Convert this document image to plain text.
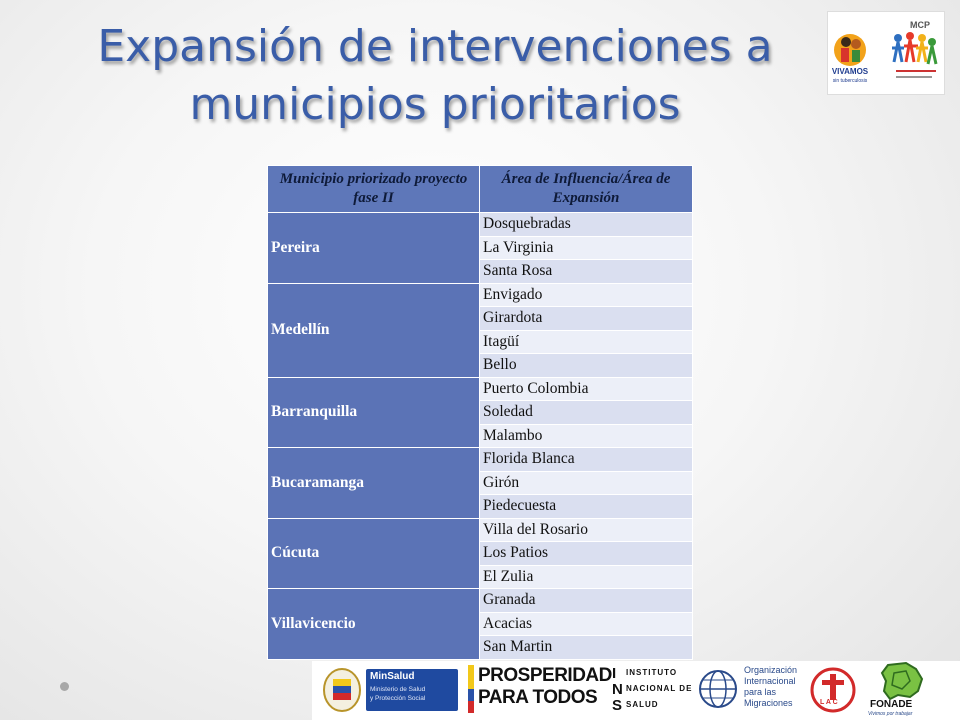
Expansión de intervenciones a
municipios prioritarios
VIVAMOS
sin tuberculosis
MCP
Municipio priorizado proyecto fase II	Área de Influencia/Área de Expansión
Pereira	Dosquebradas
	La Virginia
	Santa Rosa
Medellín	Envigado
	Girardota
	Itagüí
	Bello
Barranquilla	Puerto Colombia
	Soledad
	Malambo
Bucaramanga	Florida Blanca
	Girón
	Piedecuesta
Cúcuta	Villa del Rosario
	Los Patios
	El Zulia
Villavicencio	Granada
	Acacias
	San Martin
MinSalud
Ministerio de Salud
y Protección Social
PROSPERIDAD
PARA TODOS
I
N
S
INSTITUTO
NACIONAL DE
SALUD
Organización
Internacional
para las
Migraciones	L A C	FONADE
Vivimos por trabajar
